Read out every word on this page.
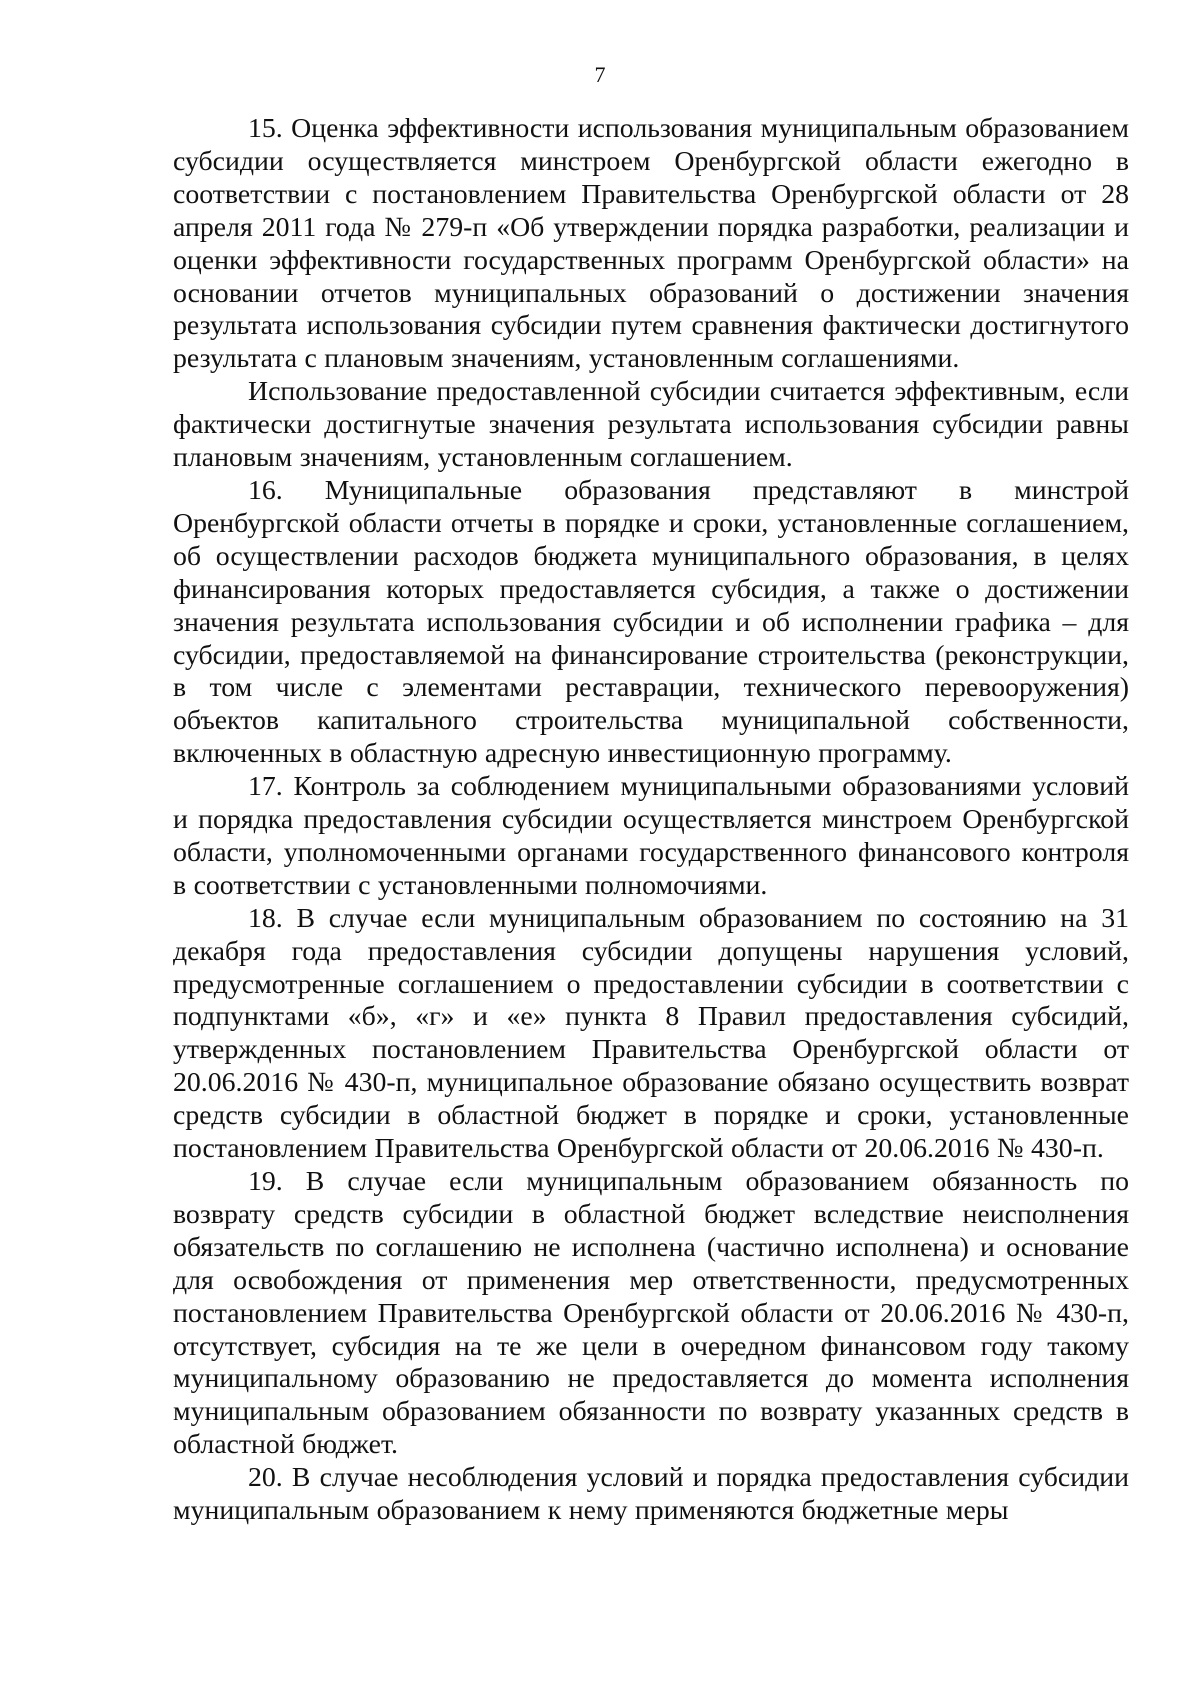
7

15. Оценка эффективности использования муниципальным образованием субсидии осуществляется минстроем Оренбургской области ежегодно в соответствии с постановлением Правительства Оренбургской области от 28 апреля 2011 года № 279-п «Об утверждении порядка разработки, реализации и оценки эффективности государственных программ Оренбургской области» на основании отчетов муниципальных образований о достижении значения результата использования субсидии путем сравнения фактически достигнутого результата с плановым значениям, установленным соглашениями.

Использование предоставленной субсидии считается эффективным, если фактически достигнутые значения результата использования субсидии равны плановым значениям, установленным соглашением.

16. Муниципальные образования представляют в минстрой Оренбургской области отчеты в порядке и сроки, установленные соглашением, об осуществлении расходов бюджета муниципального образования, в целях финансирования которых предоставляется субсидия, а также о достижении значения результата использования субсидии и об исполнении графика – для субсидии, предоставляемой на финансирование строительства (реконструкции, в том числе с элементами реставрации, технического перевооружения) объектов капитального строительства муниципальной собственности, включенных в областную адресную инвестиционную программу.

17. Контроль за соблюдением муниципальными образованиями условий и порядка предоставления субсидии осуществляется минстроем Оренбургской области, уполномоченными органами государственного финансового контроля в соответствии с установленными полномочиями.

18. В случае если муниципальным образованием по состоянию на 31 декабря года предоставления субсидии допущены нарушения условий, предусмотренные соглашением о предоставлении субсидии в соответствии с подпунктами «б», «г» и «е» пункта 8 Правил предоставления субсидий, утвержденных постановлением Правительства Оренбургской области от 20.06.2016 № 430-п, муниципальное образование обязано осуществить возврат средств субсидии в областной бюджет в порядке и сроки, установленные постановлением Правительства Оренбургской области от 20.06.2016 № 430-п.

19. В случае если муниципальным образованием обязанность по возврату средств субсидии в областной бюджет вследствие неисполнения обязательств по соглашению не исполнена (частично исполнена) и основание для освобождения от применения мер ответственности, предусмотренных постановлением Правительства Оренбургской области от 20.06.2016 № 430-п, отсутствует, субсидия на те же цели в очередном финансовом году такому муниципальному образованию не предоставляется до момента исполнения муниципальным образованием обязанности по возврату указанных средств в областной бюджет.

20. В случае несоблюдения условий и порядка предоставления субсидии муниципальным образованием к нему применяются бюджетные меры
